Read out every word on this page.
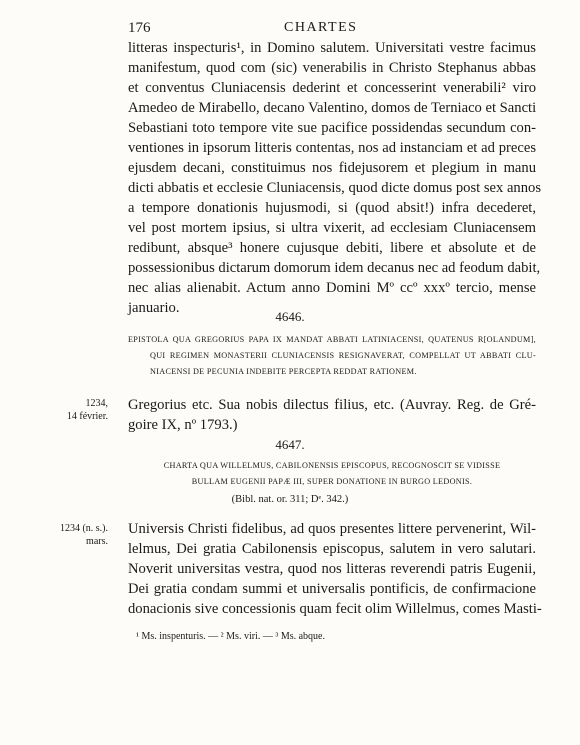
176	CHARTES
litteras inspecturis¹, in Domino salutem. Universitati vestre facimus
manifestum, quod com (sic) venerabilis in Christo Stephanus abbas
et conventus Cluniacensis dederint et concesserint venerabili² viro
Amedeo de Mirabello, decano Valentino, domos de Terniaco et Sancti
Sebastiani toto tempore vite sue pacifice possidendas secundum con-
ventiones in ipsorum litteris contentas, nos ad instanciam et ad preces
ejusdem decani, constituimus nos fidejusorem et plegium in manu
dicti abbatis et ecclesie Cluniacensis, quod dicte domus post sex annos
a tempore donationis hujusmodi, si (quod absit!) infra decederet,
vel post mortem ipsius, si ultra vixerit, ad ecclesiam Cluniacensem
redibunt, absque³ honere cujusque debiti, libere et absolute et de
possessionibus dictarum domorum idem decanus nec ad feodum dabit,
nec alias alienabit. Actum anno Domini Mº ccº xxxº tercio, mense
januario.
4646.
EPISTOLA QUA GREGORIUS PAPA IX MANDAT ABBATI LATINIACENSI, QUATENUS R[OLANDUM],
QUI REGIMEN MONASTERII CLUNIACENSIS RESIGNAVERAT, COMPELLAT UT ABBATI CLU-
NIACENSI DE PECUNIA INDEBITE PERCEPTA REDDAT RATIONEM.
1234,
14 février.
Gregorius etc. Sua nobis dilectus filius, etc. (Auvray. Reg. de Gré-
goire IX, nº 1793.)
4647.
CHARTA QUA WILLELMUS, CABILONENSIS EPISCOPUS, RECOGNOSCIT SE VIDISSE
BULLAM EUGENII PAPÆ III, SUPER DONATIONE IN BURGO LEDONIS.
(Bibl. nat. or. 311; Dᵉ. 342.)
1234 (n. s.).
mars.
Universis Christi fidelibus, ad quos presentes littere pervenerint, Wil-
lelmus, Dei gratia Cabilonensis episcopus, salutem in vero salutari.
Noverit universitas vestra, quod nos litteras reverendi patris Eugenii,
Dei gratia condam summi et universalis pontificis, de confirmacione
donacionis sive concessionis quam fecit olim Willelmus, comes Masti-
¹ Ms. inspenturis. — ² Ms. viri. — ³ Ms. abque.
